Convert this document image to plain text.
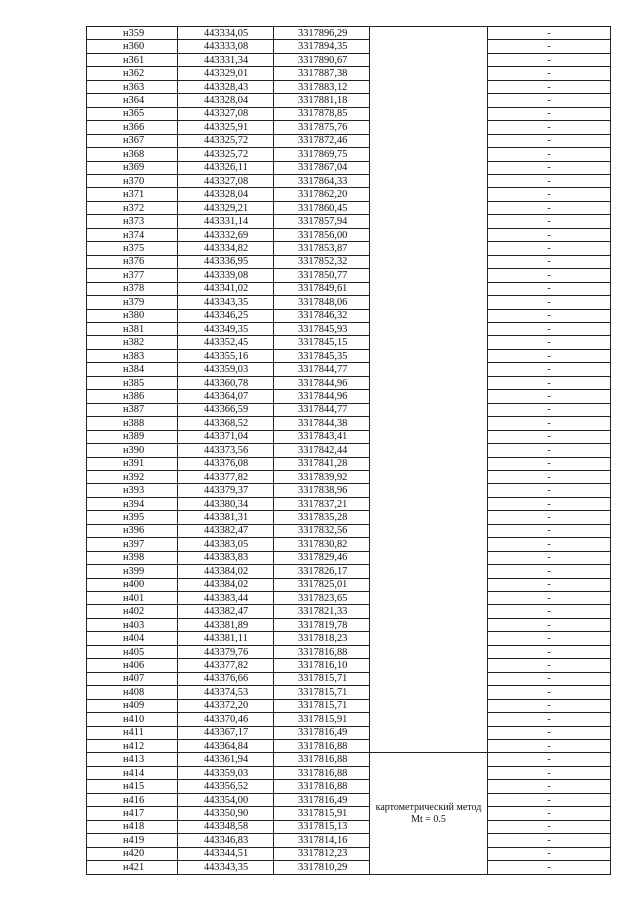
н359	443334,05	3317896,29		-
н360	443333,08	3317894,35		-
н361	443331,34	3317890,67		-
н362	443329,01	3317887,38		-
н363	443328,43	3317883,12		-
н364	443328,04	3317881,18		-
н365	443327,08	3317878,85		-
н366	443325,91	3317875,76		-
н367	443325,72	3317872,46		-
н368	443325,72	3317869,75		-
н369	443326,11	3317867,04		-
н370	443327,08	3317864,33		-
н371	443328,04	3317862,20		-
н372	443329,21	3317860,45		-
н373	443331,14	3317857,94		-
н374	443332,69	3317856,00		-
н375	443334,82	3317853,87		-
н376	443336,95	3317852,32		-
н377	443339,08	3317850,77		-
н378	443341,02	3317849,61		-
н379	443343,35	3317848,06		-
н380	443346,25	3317846,32		-
н381	443349,35	3317845,93		-
н382	443352,45	3317845,15		-
н383	443355,16	3317845,35		-
н384	443359,03	3317844,77		-
н385	443360,78	3317844,96		-
н386	443364,07	3317844,96		-
н387	443366,59	3317844,77		-
н388	443368,52	3317844,38		-
н389	443371,04	3317843,41		-
н390	443373,56	3317842,44		-
н391	443376,08	3317841,28		-
н392	443377,82	3317839,92		-
н393	443379,37	3317838,96		-
н394	443380,34	3317837,21		-
н395	443381,31	3317835,28		-
н396	443382,47	3317832,56		-
н397	443383,05	3317830,82		-
н398	443383,83	3317829,46		-
н399	443384,02	3317826,17		-
н400	443384,02	3317825,01		-
н401	443383,44	3317823,65		-
н402	443382,47	3317821,33		-
н403	443381,89	3317819,78		-
н404	443381,11	3317818,23		-
н405	443379,76	3317816,88		-
н406	443377,82	3317816,10		-
н407	443376,66	3317815,71		-
н408	443374,53	3317815,71		-
н409	443372,20	3317815,71		-
н410	443370,46	3317815,91		-
н411	443367,17	3317816,49		-
н412	443364,84	3317816,88		-
н413	443361,94	3317816,88	картометрический метод Mt = 0.5	-
н414	443359,03	3317816,88		-
н415	443356,52	3317816,88		-
н416	443354,00	3317816,49		-
н417	443350,90	3317815,91		-
н418	443348,58	3317815,13		-
н419	443346,83	3317814,16		-
н420	443344,51	3317812,23		-
н421	443343,35	3317810,29		-
